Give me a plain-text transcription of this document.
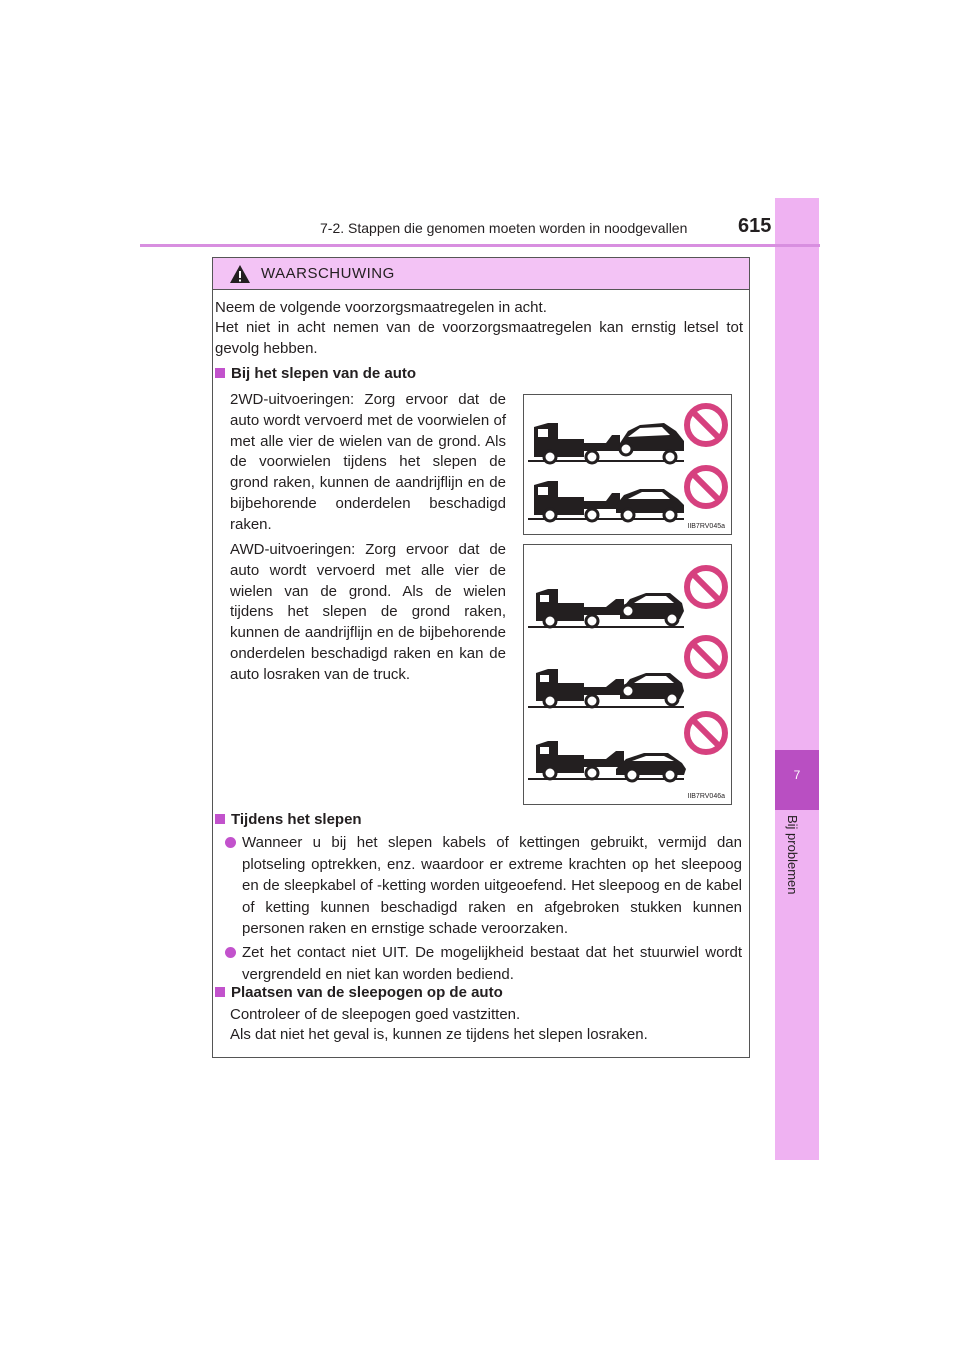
7
Bij problemen
7-2. Stappen die genomen moeten worden in noodgevallen	615
WAARSCHUWING
Neem de volgende voorzorgsmaatregelen in acht.
Het niet in acht nemen van de voorzorgsmaatregelen kan ernstig letsel tot gevolg hebben.
Bij het slepen van de auto
2WD-uitvoeringen: Zorg ervoor dat de auto wordt vervoerd met de voorwielen of met alle vier de wielen van de grond. Als de voorwielen tijdens het slepen de grond raken, kunnen de aandrijflijn en de bijbehorende onderdelen beschadigd raken.	IIB7RV045a
AWD-uitvoeringen: Zorg ervoor dat de auto wordt vervoerd met alle vier de wielen van de grond. Als de wielen tijdens het slepen de grond raken, kunnen de aandrijflijn en de bijbehorende onderdelen beschadigd raken en kan de auto losraken van de truck.
IIB7RV046a
Tijdens het slepen
Wanneer u bij het slepen kabels of kettingen gebruikt, vermijd dan plotseling optrekken, enz. waardoor er extreme krachten op het sleepoog en de sleepkabel of -ketting worden uitgeoefend. Het sleepoog en de kabel of ketting kunnen beschadigd raken en afgebroken stukken kunnen personen raken en ernstige schade veroorzaken.
Zet het contact niet UIT. De mogelijkheid bestaat dat het stuurwiel wordt vergrendeld en niet kan worden bediend.
Plaatsen van de sleepogen op de auto
Controleer of de sleepogen goed vastzitten.
Als dat niet het geval is, kunnen ze tijdens het slepen losraken.
